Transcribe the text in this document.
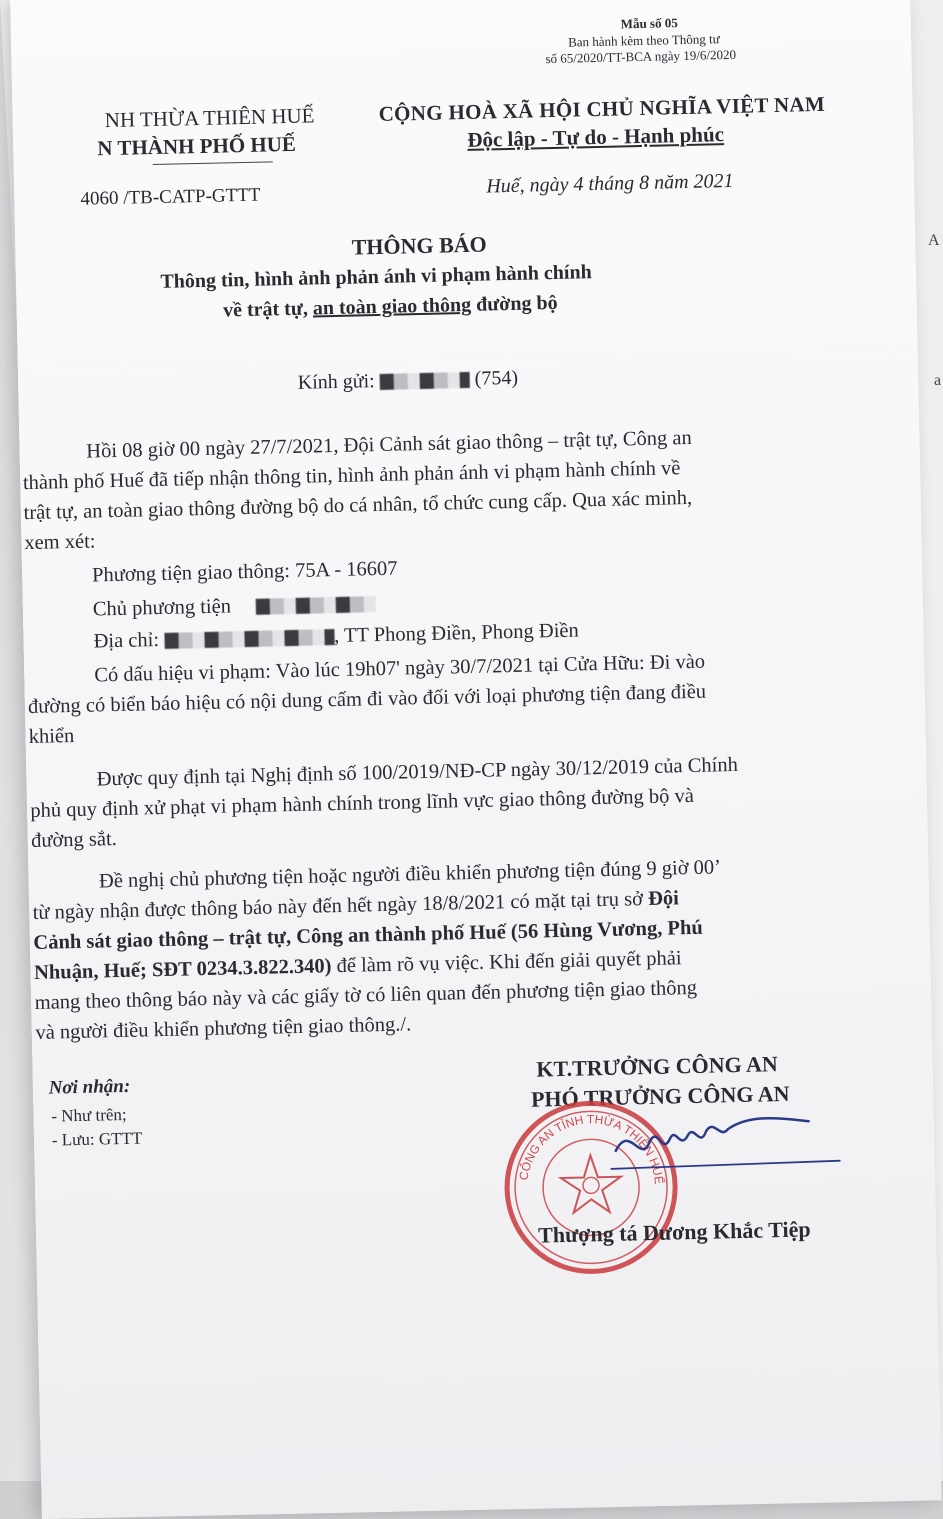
Mẫu số 05
Ban hành kèm theo Thông tư
số 65/2020/TT-BCA ngày 19/6/2020
NH THỪA THIÊN HUẾ
N THÀNH PHỐ HUẾ
4060 /TB-CATP-GTTT
CỘNG HOÀ XÃ HỘI CHỦ NGHĨA VIỆT NAM
Độc lập - Tự do - Hạnh phúc
Huế, ngày 4 tháng 8 năm 2021
THÔNG BÁO
Thông tin, hình ảnh phản ánh vi phạm hành chính
về trật tự, an toàn giao thông đường bộ
Kính gửi:	(754)
Hồi 08 giờ 00 ngày 27/7/2021, Đội Cảnh sát giao thông – trật tự, Công an
thành phố Huế đã tiếp nhận thông tin, hình ảnh phản ánh vi phạm hành chính về
trật tự, an toàn giao thông đường bộ do cá nhân, tổ chức cung cấp. Qua xác minh,
xem xét:
Phương tiện giao thông: 75A - 16607
Chủ phương tiện
Địa chỉ:	, TT Phong Điền, Phong Điền
Có dấu hiệu vi phạm: Vào lúc 19h07' ngày 30/7/2021 tại Cửa Hữu: Đi vào
đường có biển báo hiệu có nội dung cấm đi vào đối với loại phương tiện đang điều
khiển
Được quy định tại Nghị định số 100/2019/NĐ-CP ngày 30/12/2019 của Chính
phủ quy định xử phạt vi phạm hành chính trong lĩnh vực giao thông đường bộ và
đường sắt.
Đề nghị chủ phương tiện hoặc người điều khiển phương tiện đúng 9 giờ 00’
từ ngày nhận được thông báo này đến hết ngày 18/8/2021 có mặt tại trụ sở Đội
Cảnh sát giao thông – trật tự, Công an thành phố Huế (56 Hùng Vương, Phú
Nhuận, Huế; SĐT 0234.3.822.340) để làm rõ vụ việc. Khi đến giải quyết phải
mang theo thông báo này và các giấy tờ có liên quan đến phương tiện giao thông
và người điều khiển phương tiện giao thông./.
Nơi nhận:
- Như trên;
- Lưu: GTTT
KT.TRƯỞNG CÔNG AN
PHÓ TRƯỞNG CÔNG AN
CÔNG AN TỈNH THỪA THIÊN HUẾ
Thượng tá Dương Khắc Tiệp
A
a
